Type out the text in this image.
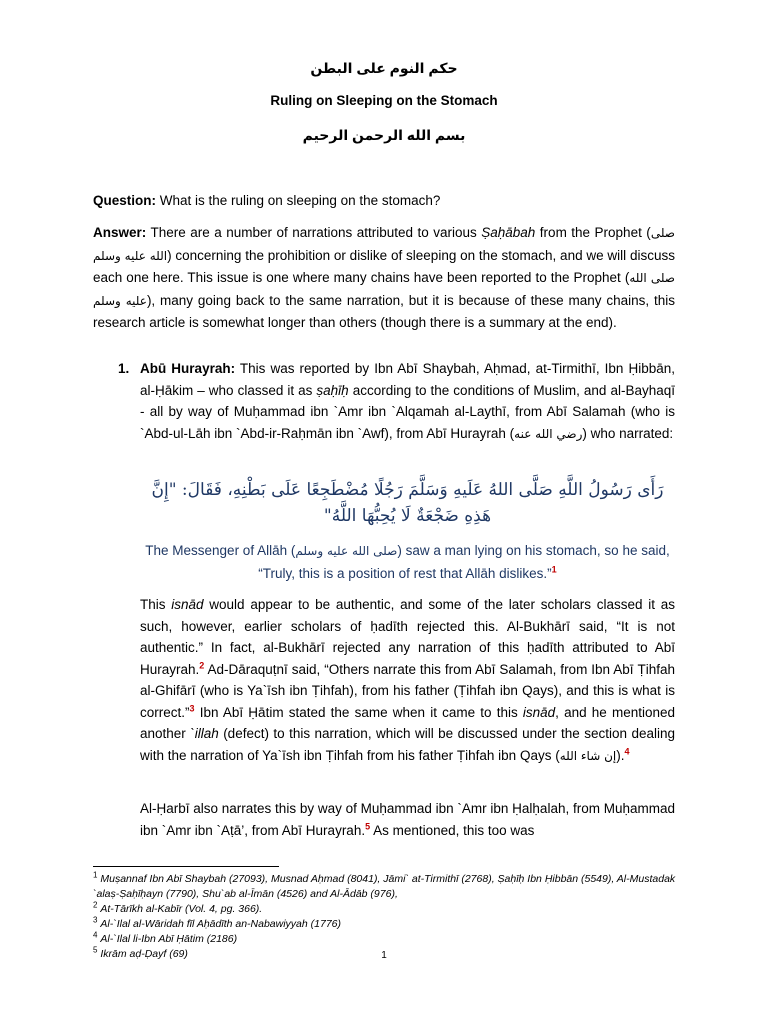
حكم النوم على البطن
Ruling on Sleeping on the Stomach
بسم الله الرحمن الرحيم
Question: What is the ruling on sleeping on the stomach?
Answer: There are a number of narrations attributed to various Ṣaḥābah from the Prophet (صلى الله عليه وسلم) concerning the prohibition or dislike of sleeping on the stomach, and we will discuss each one here. This issue is one where many chains have been reported to the Prophet (صلى الله عليه وسلم), many going back to the same narration, but it is because of these many chains, this research article is somewhat longer than others (though there is a summary at the end).
1. Abū Hurayrah: This was reported by Ibn Abī Shaybah, Aḥmad, at-Tirmithī, Ibn Ḥibbān, al-Ḥākim – who classed it as ṣaḥīḥ according to the conditions of Muslim, and al-Bayhaqī - all by way of Muḥammad ibn `Amr ibn `Alqamah al-Laythī, from Abī Salamah (who is `Abd-ul-Lāh ibn `Abd-ir-Raḥmān ibn `Awf), from Abī Hurayrah (رضي الله عنه) who narrated:
رَأَى رَسُولُ اللَّهِ صَلَّى اللهُ عَلَيهِ وَسَلَّمَ رَجُلًا مُضْطَجِعًا عَلَى بَطْنِهِ، فَقَالَ: "إِنَّ هَذِهِ ضَجْعَةٌ لَا يُحِبُّهَا اللَّهُ"
The Messenger of Allāh (صلى الله عليه وسلم) saw a man lying on his stomach, so he said, “Truly, this is a position of rest that Allāh dislikes.”$^1$
This isnād would appear to be authentic, and some of the later scholars classed it as such, however, earlier scholars of ḥadīth rejected this. Al-Bukhārī said, “It is not authentic.” In fact, al-Bukhārī rejected any narration of this ḥadīth attributed to Abī Hurayrah.$^2$ Ad-Dāraquṭnī said, “Others narrate this from Abī Salamah, from Ibn Abī Ṭihfah al-Ghifārī (who is Ya`īsh ibn Ṭihfah), from his father (Ṭihfah ibn Qays), and this is what is correct.”$^3$ Ibn Abī Ḥātim stated the same when it came to this isnād, and he mentioned another `illah (defect) to this narration, which will be discussed under the section dealing with the narration of Ya`īsh ibn Ṭihfah from his father Ṭihfah ibn Qays (إن شاء الله).$^4$
Al-Ḥarbī also narrates this by way of Muḥammad ibn `Amr ibn Ḥalḥalah, from Muḥammad ibn `Amr ibn `Aṭā’, from Abī Hurayrah.$^5$ As mentioned, this too was
$^1$ Muṣannaf Ibn Abī Shaybah (27093), Musnad Aḥmad (8041), Jāmi` at-Tirmithī (2768), Ṣaḥīḥ Ibn Ḥibbān (5549), Al-Mustadak `alaṣ-Ṣaḥīḥayn (7790), Shu`ab al-Īmān (4526) and Al-Ādāb (976),
$^2$ At-Tārīkh al-Kabīr (Vol. 4, pg. 366).
$^3$ Al-`Ilal al-Wāridah fīl Aḥādīth an-Nabawiyyah (1776)
$^4$ Al-`Ilal li-Ibn Abī Ḥātim (2186)
$^5$ Ikrām aḍ-Ḍayf (69)	1
